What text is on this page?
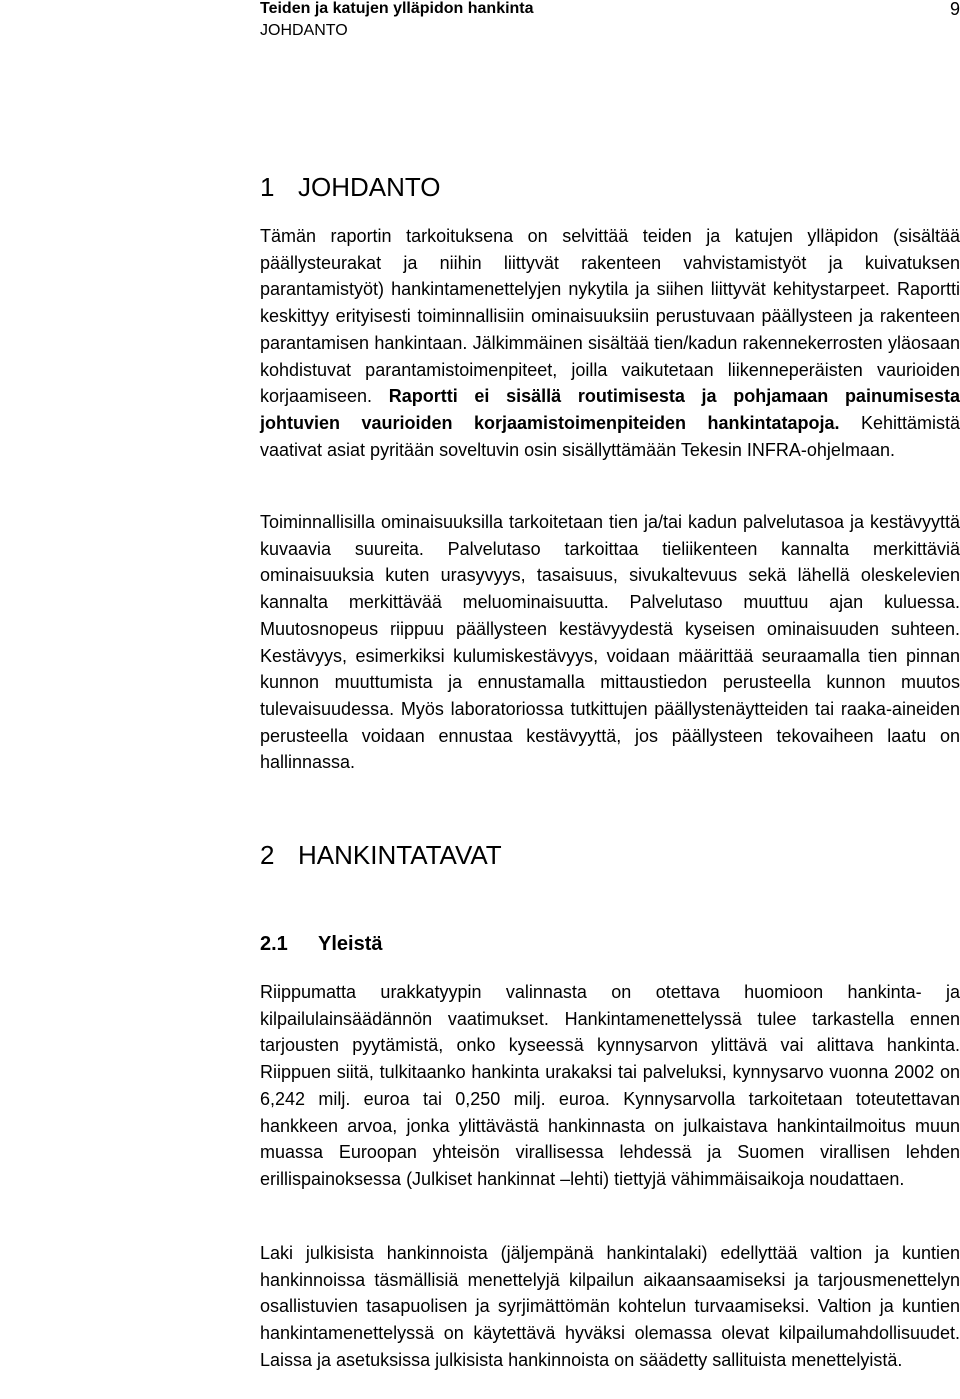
Teiden ja katujen ylläpidon hankinta
JOHDANTO
9
1 JOHDANTO

Tämän raportin tarkoituksena on selvittää teiden ja katujen ylläpidon (sisältää päällysteurakat ja niihin liittyvät rakenteen vahvistamistyöt ja kuivatuksen parantamistyöt) hankintamenettelyjen nykytila ja siihen liittyvät kehitystarpeet. Raportti keskittyy erityisesti toiminnallisiin ominaisuuksiin perustuvaan päällysteen ja rakenteen parantamisen hankintaan. Jälkimmäinen sisältää tien/kadun rakennekerrosten yläosaan kohdistuvat parantamistoimenpiteet, joilla vaikutetaan liikenneperäisten vaurioiden korjaamiseen. Raportti ei sisällä routimisesta ja pohjamaan painumisesta johtuvien vaurioiden korjaamistoimenpiteiden hankintatapoja. Kehittämistä vaativat asiat pyritään soveltuvin osin sisällyttämään Tekesin INFRA-ohjelmaan.

Toiminnallisilla ominaisuuksilla tarkoitetaan tien ja/tai kadun palvelutasoa ja kestävyyttä kuvaavia suureita. Palvelutaso tarkoittaa tieliikenteen kannalta merkittäviä ominaisuuksia kuten urasyvyys, tasaisuus, sivukaltevuus sekä lähellä oleskelevien kannalta merkittävää meluominaisuutta. Palvelutaso muuttuu ajan kuluessa. Muutosnopeus riippuu päällysteen kestävyydestä kyseisen ominaisuuden suhteen. Kestävyys, esimerkiksi kulumiskestävyys, voidaan määrittää seuraamalla tien pinnan kunnon muuttumista ja ennustamalla mittaustiedon perusteella kunnon muutos tulevaisuudessa. Myös laboratoriossa tutkittujen päällystenäytteiden tai raaka-aineiden perusteella voidaan ennustaa kestävyyttä, jos päällysteen tekovaiheen laatu on hallinnassa.

2 HANKINTATAVAT
2.1 Yleistä

Riippumatta urakkatyypin valinnasta on otettava huomioon hankinta- ja kilpailulainsäädännön vaatimukset. Hankintamenettelyssä tulee tarkastella ennen tarjousten pyytämistä, onko kyseessä kynnysarvon ylittävä vai alittava hankinta. Riippuen siitä, tulkitaanko hankinta urakaksi tai palveluksi, kynnysarvo vuonna 2002 on 6,242 milj. euroa tai 0,250 milj. euroa. Kynnysarvolla tarkoitetaan toteutettavan hankkeen arvoa, jonka ylittävästä hankinnasta on julkaistava hankintailmoitus muun muassa Euroopan yhteisön virallisessa lehdessä ja Suomen virallisen lehden erillispainoksessa (Julkiset hankinnat –lehti) tiettyjä vähimmäisaikoja noudattaen.

Laki julkisista hankinnoista (jäljempänä hankintalaki) edellyttää valtion ja kuntien hankinnoissa täsmällisiä menettelyjä kilpailun aikaansaamiseksi ja tarjousmenettelyn osallistuvien tasapuolisen ja syrjimättömän kohtelun turvaamiseksi. Valtion ja kuntien hankintamenettelyssä on käytettävä hyväksi olemassa olevat kilpailumahdollisuudet. Laissa ja asetuksissa julkisista hankinnoista on säädetty sallituista menettelyistä.
